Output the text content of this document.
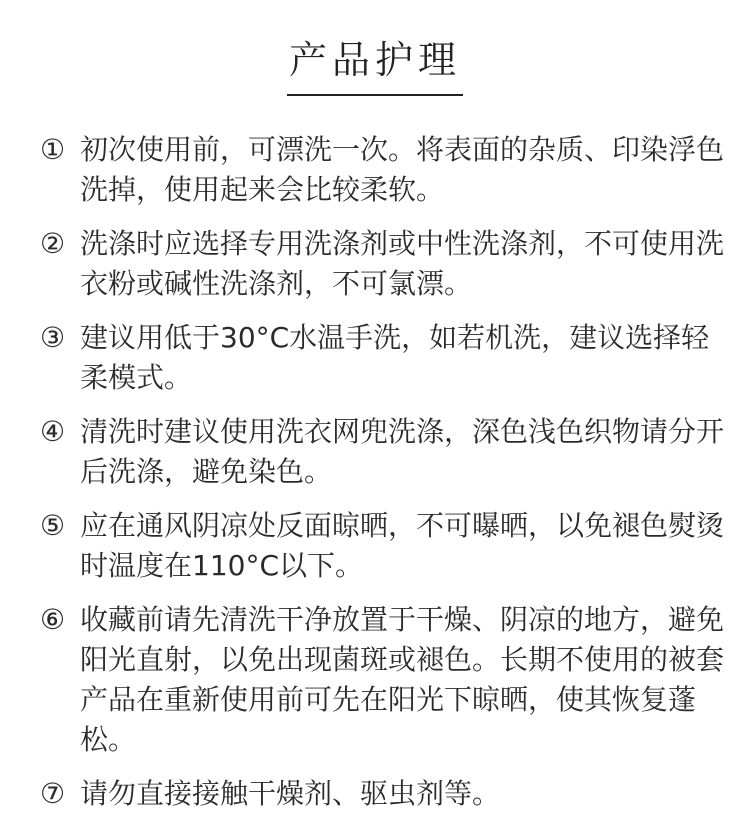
产品护理
① 初次使用前，可漂洗一次。将表面的杂质、印染浮色洗掉，使用起来会比较柔软。
② 洗涤时应选择专用洗涤剂或中性洗涤剂，不可使用洗衣粉或碱性洗涤剂，不可氯漂。
③ 建议用低于30°C水温手洗，如若机洗，建议选择轻柔模式。
④ 清洗时建议使用洗衣网兜洗涤，深色浅色织物请分开后洗涤，避免染色。
⑤ 应在通风阴凉处反面晾晒，不可曝晒，以免褪色熨烫时温度在110°C以下。
⑥ 收藏前请先清洗干净放置于干燥、阴凉的地方，避免阳光直射，以免出现菌斑或褪色。长期不使用的被套产品在重新使用前可先在阳光下晾晒，使其恢复蓬松。
⑦ 请勿直接接触干燥剂、驱虫剂等。
